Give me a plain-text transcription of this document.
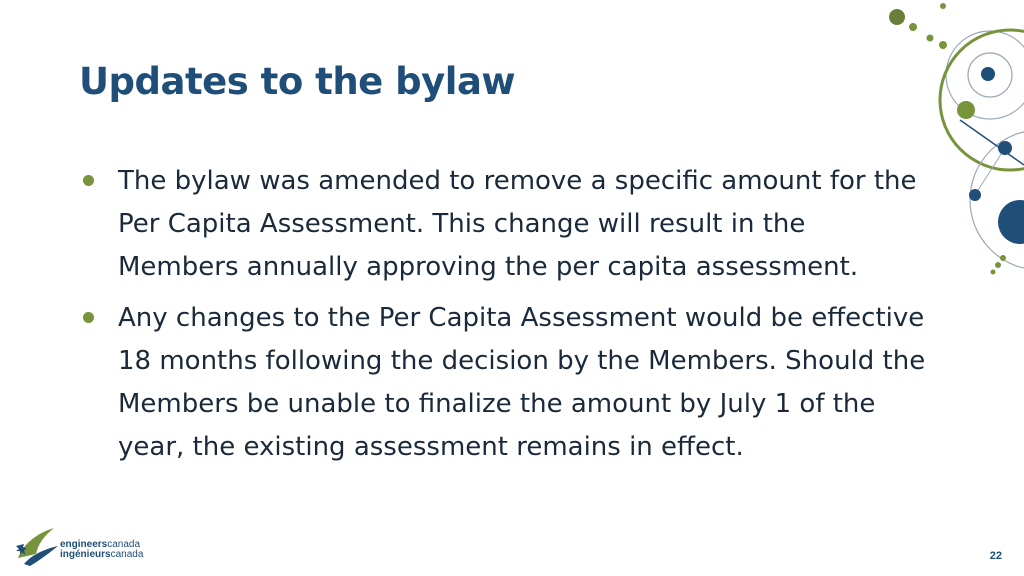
Updates to the bylaw
The bylaw was amended to remove a specific amount for the Per Capita Assessment. This change will result in the Members annually approving the per capita assessment.
Any changes to the Per Capita Assessment would be effective 18 months following the decision by the Members. Should the Members be unable to finalize the amount by July 1 of the year, the existing assessment remains in effect.
engineerscanada
ingénieurscanada	22
